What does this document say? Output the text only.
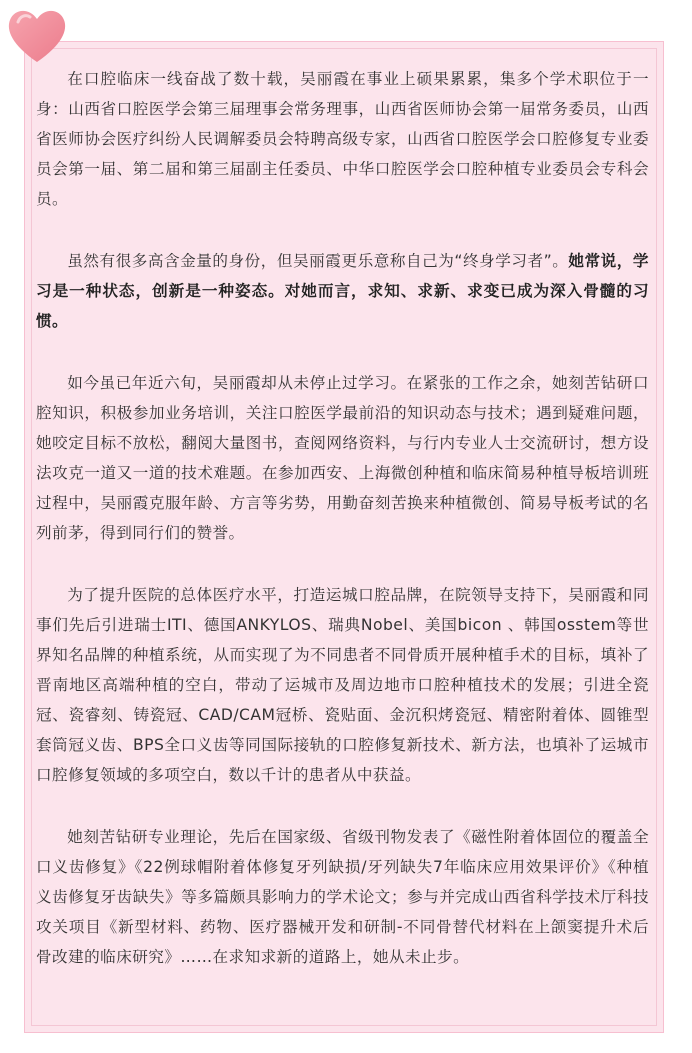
在口腔临床一线奋战了数十载，吴丽霞在事业上硕果累累，集多个学术职位于一身：山西省口腔医学会第三届理事会常务理事，山西省医师协会第一届常务委员，山西省医师协会医疗纠纷人民调解委员会特聘高级专家，山西省口腔医学会口腔修复专业委员会第一届、第二届和第三届副主任委员、中华口腔医学会口腔种植专业委员会专科会员。

虽然有很多高含金量的身份，但吴丽霞更乐意称自己为“终身学习者”。她常说，学习是一种状态，创新是一种姿态。对她而言，求知、求新、求变已成为深入骨髓的习惯。

如今虽已年近六旬，吴丽霞却从未停止过学习。在紧张的工作之余，她刻苦钻研口腔知识，积极参加业务培训，关注口腔医学最前沿的知识动态与技术；遇到疑难问题，她咬定目标不放松，翻阅大量图书，查阅网络资料，与行内专业人士交流研讨，想方设法攻克一道又一道的技术难题。在参加西安、上海微创种植和临床简易种植导板培训班过程中，吴丽霞克服年龄、方言等劣势，用勤奋刻苦换来种植微创、简易导板考试的名列前茅，得到同行们的赞誉。

为了提升医院的总体医疗水平，打造运城口腔品牌，在院领导支持下，吴丽霞和同事们先后引进瑞士ITI、德国ANKYLOS、瑞典Nobel、美国bicon 、韩国osstem等世界知名品牌的种植系统，从而实现了为不同患者不同骨质开展种植手术的目标，填补了晋南地区高端种植的空白，带动了运城市及周边地市口腔种植技术的发展；引进全瓷冠、瓷睿刻、铸瓷冠、CAD/CAM冠桥、瓷贴面、金沉积烤瓷冠、精密附着体、圆锥型套筒冠义齿、BPS全口义齿等同国际接轨的口腔修复新技术、新方法，也填补了运城市口腔修复领域的多项空白，数以千计的患者从中获益。

她刻苦钻研专业理论，先后在国家级、省级刊物发表了《磁性附着体固位的覆盖全口义齿修复》《22例球帽附着体修复牙列缺损/牙列缺失7年临床应用效果评价》《种植义齿修复牙齿缺失》等多篇颇具影响力的学术论文；参与并完成山西省科学技术厅科技攻关项目《新型材料、药物、医疗器械开发和研制-不同骨替代材料在上颌窦提升术后骨改建的临床研究》……在求知求新的道路上，她从未止步。
